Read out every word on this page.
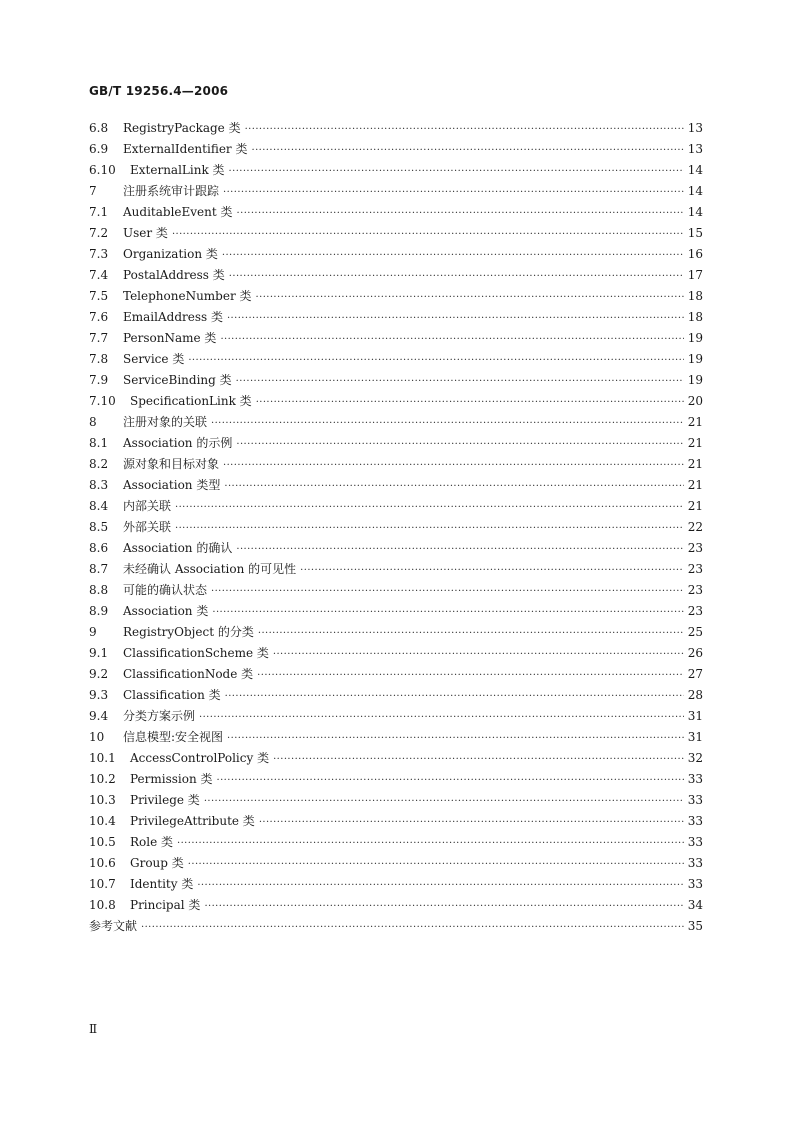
GB/T 19256.4—2006
6.8	RegistryPackage 类 ·····	13
6.9	ExternalIdentifier 类 ·····	13
6.10	ExternalLink 类 ·····	14
7	注册系统审计跟踪 ·····	14
7.1	AuditableEvent 类 ·····	14
7.2	User 类 ·····	15
7.3	Organization 类 ·····	16
7.4	PostalAddress 类 ·····	17
7.5	TelephoneNumber 类 ·····	18
7.6	EmailAddress 类 ·····	18
7.7	PersonName 类 ·····	19
7.8	Service 类 ·····	19
7.9	ServiceBinding 类 ·····	19
7.10	SpecificationLink 类 ·····	20
8	注册对象的关联 ·····	21
8.1	Association 的示例 ·····	21
8.2	源对象和目标对象 ·····	21
8.3	Association 类型 ·····	21
8.4	内部关联 ·····	21
8.5	外部关联 ·····	22
8.6	Association 的确认 ·····	23
8.7	未经确认 Association 的可见性 ·····	23
8.8	可能的确认状态 ·····	23
8.9	Association 类 ·····	23
9	RegistryObject 的分类 ·····	25
9.1	ClassificationScheme 类 ·····	26
9.2	ClassificationNode 类 ·····	27
9.3	Classification 类 ·····	28
9.4	分类方案示例 ·····	31
10	信息模型:安全视图 ·····	31
10.1	AccessControlPolicy 类 ·····	32
10.2	Permission 类 ·····	33
10.3	Privilege 类 ·····	33
10.4	PrivilegeAttribute 类 ·····	33
10.5	Role 类 ·····	33
10.6	Group 类 ·····	33
10.7	Identity 类 ·····	33
10.8	Principal 类 ·····	34
参考文献 ·····	35
Ⅱ
